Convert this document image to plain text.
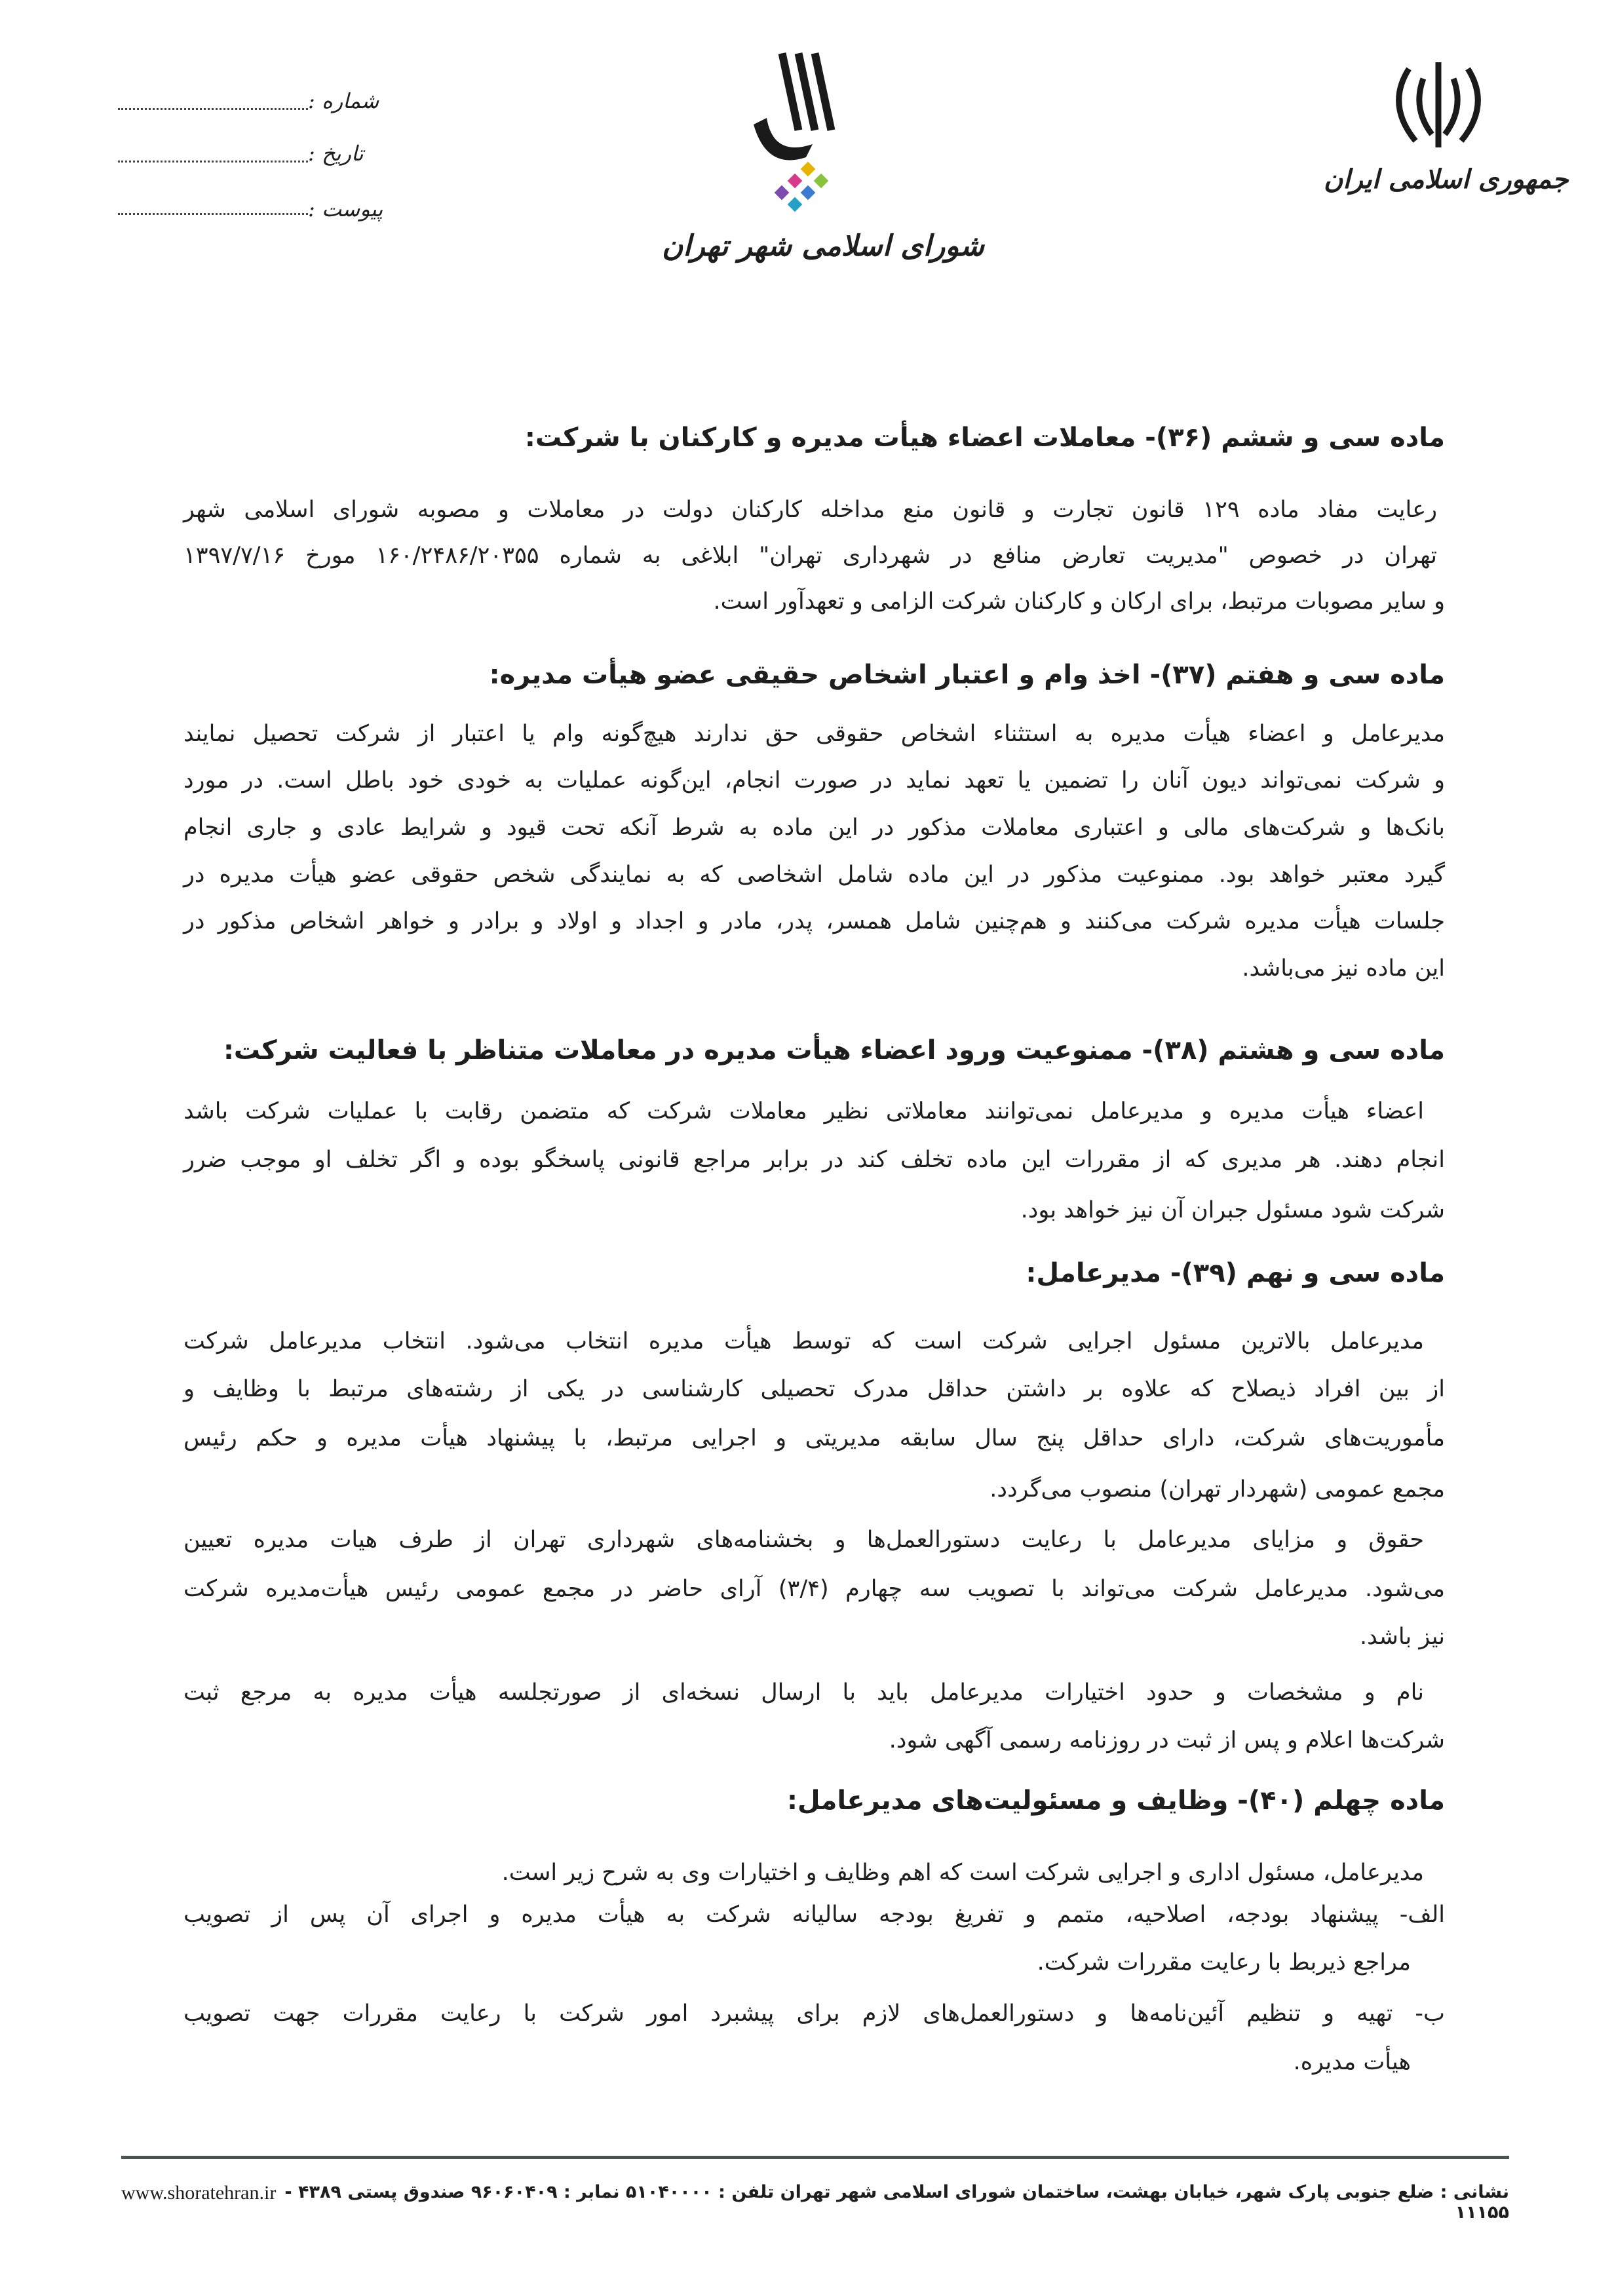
جمهوری اسلامی ایران
شورای اسلامی شهر تهران
شماره :
تاریخ :
پیوست :
ماده سی و ششم (۳۶)- معاملات اعضاء هیأت مدیره و کارکنان با شرکت:
رعایت مفاد ماده ۱۲۹ قانون تجارت و قانون منع مداخله کارکنان دولت در معاملات و مصوبه شورای اسلامی شهر
تهران در خصوص "مدیریت تعارض منافع در شهرداری تهران" ابلاغی به شماره ۱۶۰/۲۴۸۶/۲۰۳۵۵ مورخ ۱۳۹۷/۷/۱۶
و سایر مصوبات مرتبط، برای ارکان و کارکنان شرکت الزامی و تعهدآور است.
ماده سی و هفتم (۳۷)- اخذ وام و اعتبار اشخاص حقیقی عضو هیأت مدیره:
مدیرعامل و اعضاء هیأت مدیره به استثناء اشخاص حقوقی حق ندارند هیچ‌گونه وام یا اعتبار از شرکت تحصیل نمایند
و شرکت نمی‌تواند دیون آنان را تضمین یا تعهد نماید در صورت انجام، این‌گونه عملیات به خودی خود باطل است. در مورد
بانک‌ها و شرکت‌های مالی و اعتباری معاملات مذکور در این ماده به شرط آنکه تحت قیود و شرایط عادی و جاری انجام
گیرد معتبر خواهد بود. ممنوعیت مذکور در این ماده شامل اشخاصی که به نمایندگی شخص حقوقی عضو هیأت مدیره در
جلسات هیأت مدیره شرکت می‌کنند و هم‌چنین شامل همسر، پدر، مادر و اجداد و اولاد و برادر و خواهر اشخاص مذکور در
این ماده نیز می‌باشد.
ماده سی و هشتم (۳۸)- ممنوعیت ورود اعضاء هیأت مدیره در معاملات متناظر با فعالیت شرکت:
اعضاء هیأت مدیره و مدیرعامل نمی‌توانند معاملاتی نظیر معاملات شرکت که متضمن رقابت با عملیات شرکت باشد
انجام دهند. هر مدیری که از مقررات این ماده تخلف کند در برابر مراجع قانونی پاسخگو بوده و اگر تخلف او موجب ضرر
شرکت شود مسئول جبران آن نیز خواهد بود.
ماده سی و نهم (۳۹)- مدیرعامل:
مدیرعامل بالاترین مسئول اجرایی شرکت است که توسط هیأت مدیره انتخاب می‌شود. انتخاب مدیرعامل شرکت
از بین افراد ذیصلاح که علاوه بر داشتن حداقل مدرک تحصیلی کارشناسی در یکی از رشته‌های مرتبط با وظایف و
مأموریت‌های شرکت، دارای حداقل پنج سال سابقه مدیریتی و اجرایی مرتبط، با پیشنهاد هیأت مدیره و حکم رئیس
مجمع عمومی (شهردار تهران) منصوب می‌گردد.
حقوق و مزایای مدیرعامل با رعایت دستورالعمل‌ها و بخشنامه‌های شهرداری تهران از طرف هیات مدیره تعیین
می‌شود. مدیرعامل شرکت می‌تواند با تصویب سه چهارم (۳/۴) آرای حاضر در مجمع عمومی رئیس هیأت‌مدیره شرکت
نیز باشد.
نام و مشخصات و حدود اختیارات مدیرعامل باید با ارسال نسخه‌ای از صورتجلسه هیأت مدیره به مرجع ثبت
شرکت‌ها اعلام و پس از ثبت در روزنامه رسمی آگهی شود.
ماده چهلم (۴۰)- وظایف و مسئولیت‌های مدیرعامل:
مدیرعامل، مسئول اداری و اجرایی شرکت است که اهم وظایف و اختیارات وی به شرح زیر است.
الف- پیشنهاد بودجه، اصلاحیه، متمم و تفریغ بودجه سالیانه شرکت به هیأت مدیره و اجرای آن پس از تصویب
مراجع ذیربط با رعایت مقررات شرکت.
ب- تهیه و تنظیم آئین‌نامه‌ها و دستورالعمل‌های لازم برای پیشبرد امور شرکت با رعایت مقررات جهت تصویب
هیأت مدیره.
www.shoratehran.ir نشانی : ضلع جنوبی پارک شهر، خیابان بهشت، ساختمان شورای اسلامی شهر تهران تلفن : ۵۱۰۴۰۰۰۰ نمابر : ۹۶۰۶۰۴۰۹ صندوق پستی ۴۳۸۹ - ۱۱۱۵۵
